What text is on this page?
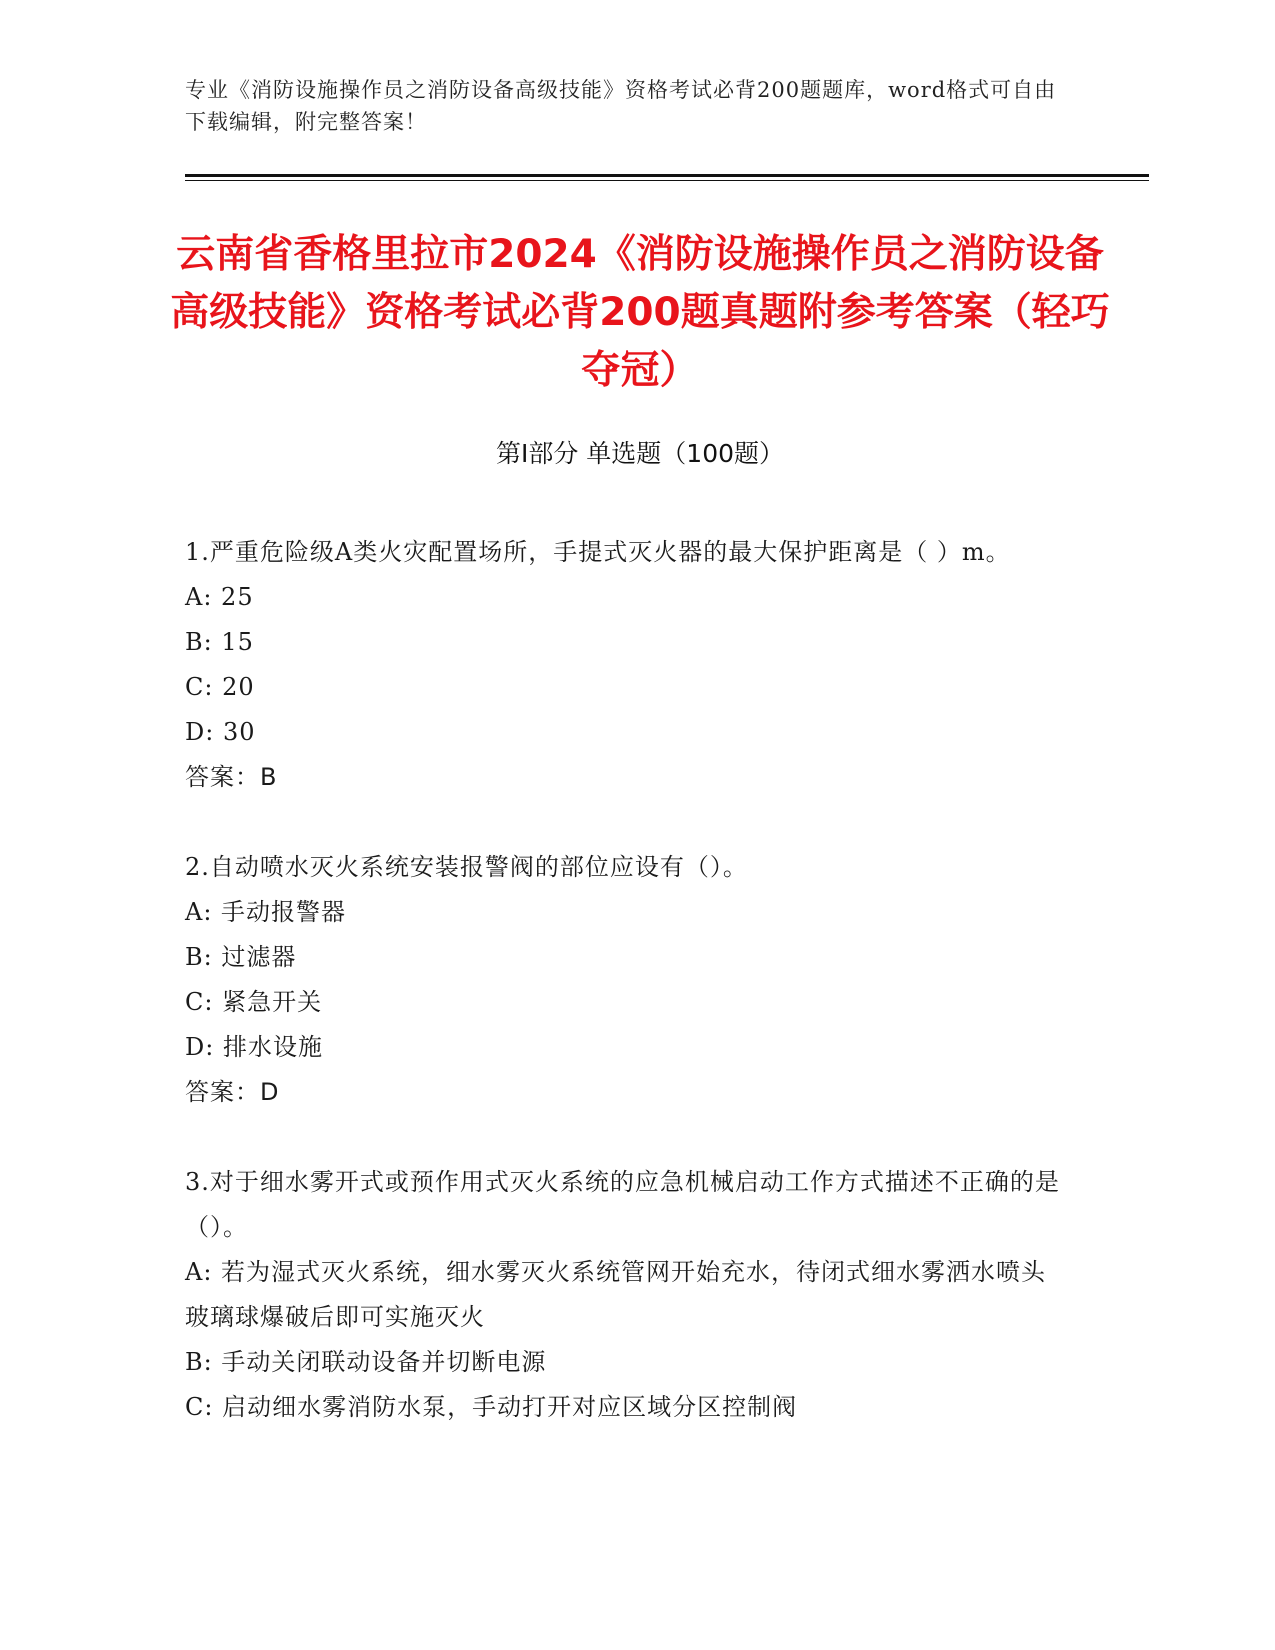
专业《消防设施操作员之消防设备高级技能》资格考试必背200题题库，word格式可自由下载编辑，附完整答案！
云南省香格里拉市2024《消防设施操作员之消防设备高级技能》资格考试必背200题真题附参考答案（轻巧夺冠）
第Ⅰ部分 单选题（100题）

1.严重危险级A类火灾配置场所，手提式灭火器的最大保护距离是（ ）m。

A: 25

B: 15

C: 20

D: 30

答案：B

2.自动喷水灭火系统安装报警阀的部位应设有（）。

A: 手动报警器

B: 过滤器

C: 紧急开关

D: 排水设施

答案：D

3.对于细水雾开式或预作用式灭火系统的应急机械启动工作方式描述不正确的是（）。

A: 若为湿式灭火系统，细水雾灭火系统管网开始充水，待闭式细水雾洒水喷头玻璃球爆破后即可实施灭火

B: 手动关闭联动设备并切断电源

C: 启动细水雾消防水泵，手动打开对应区域分区控制阀
